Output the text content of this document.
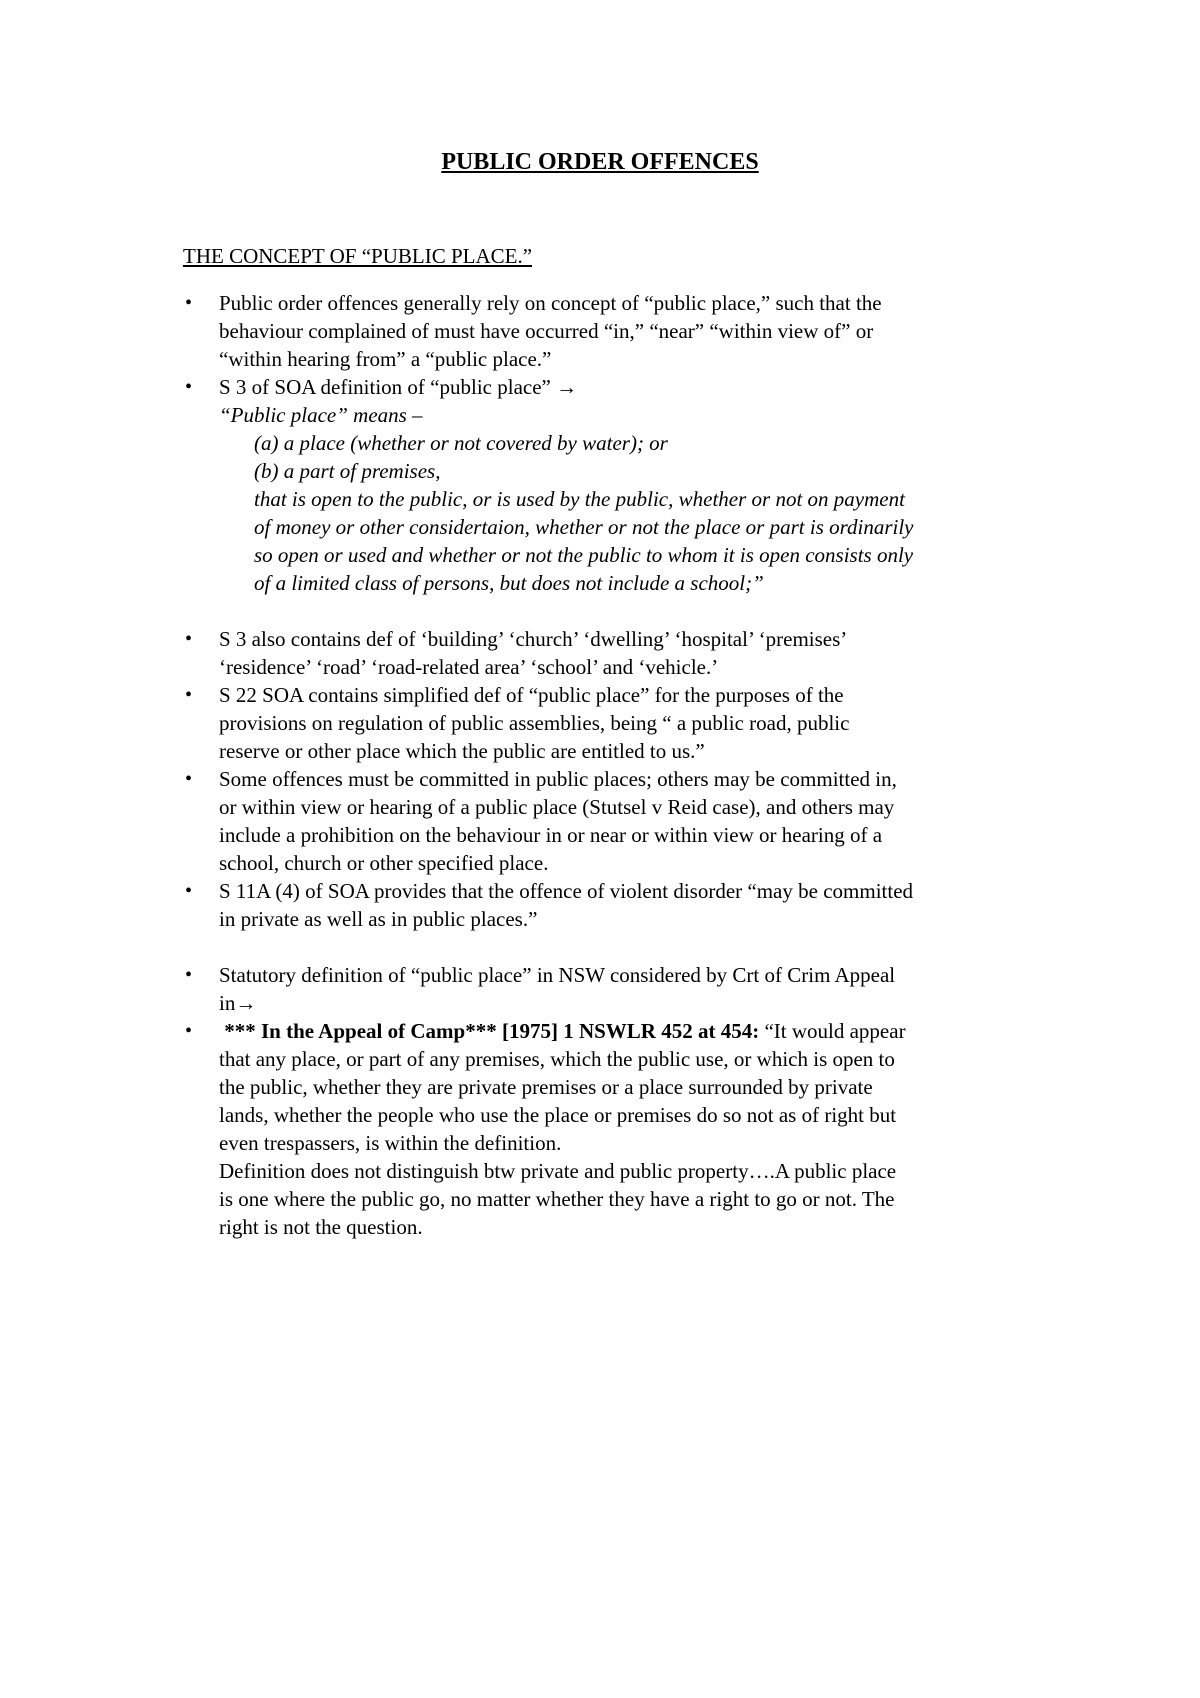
PUBLIC ORDER OFFENCES

THE CONCEPT OF “PUBLIC PLACE.”

•	Public order offences generally rely on concept of “public place,” such that the
behaviour complained of must have occurred “in,” “near” “within view of” or
“within hearing from” a “public place.”
•	S 3 of SOA definition of “public place” →
“Public place” means –
(a) a place (whether or not covered by water); or
(b) a part of premises,
that is open to the public, or is used by the public, whether or not on payment
of money or other considertaion, whether or not the place or part is ordinarily
so open or used and whether or not the public to whom it is open consists only
of a limited class of persons, but does not include a school;”
•	S 3 also contains def of ‘building’ ‘church’ ‘dwelling’ ‘hospital’ ‘premises’
‘residence’ ‘road’ ‘road-related area’ ‘school’ and ‘vehicle.’
•	S 22 SOA contains simplified def of “public place” for the purposes of the
provisions on regulation of public assemblies, being “ a public road, public
reserve or other place which the public are entitled to us.”
•	Some offences must be committed in public places; others may be committed in,
or within view or hearing of a public place (Stutsel v Reid case), and others may
include a prohibition on the behaviour in or near or within view or hearing of a
school, church or other specified place.
•	S 11A (4) of SOA provides that the offence of violent disorder “may be committed
in private as well as in public places.”
•	Statutory definition of “public place” in NSW considered by Crt of Crim Appeal
in→
•	*** In the Appeal of Camp*** [1975] 1 NSWLR 452 at 454: “It would appear
that any place, or part of any premises, which the public use, or which is open to
the public, whether they are private premises or a place surrounded by private
lands, whether the people who use the place or premises do so not as of right but
even trespassers, is within the definition.
Definition does not distinguish btw private and public property….A public place
is one where the public go, no matter whether they have a right to go or not. The
right is not the question.
